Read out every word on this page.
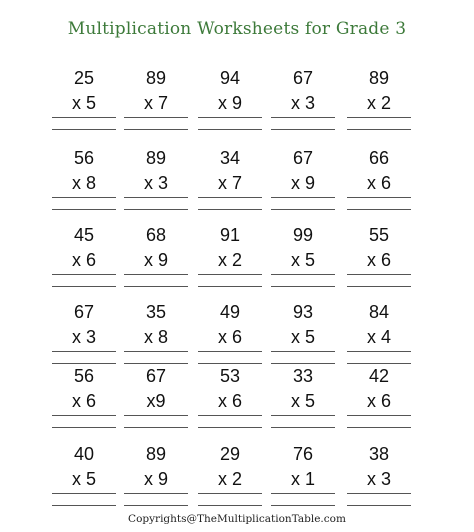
Multiplication Worksheets for Grade 3
25
x 5
89
x 7
94
x 9
67
x 3
89
x 2
56
x 8
89
x 3
34
x 7
67
x 9
66
x 6
45
x 6
68
x 9
91
x 2
99
x 5
55
x 6
67
x 3
35
x 8
49
x 6
93
x 5
84
x 4
56
x 6
67
x9
53
x 6
33
x 5
42
x 6
40
x 5
89
x 9
29
x 2
76
x 1
38
x 3
Copyrights@TheMultiplicationTable.com
